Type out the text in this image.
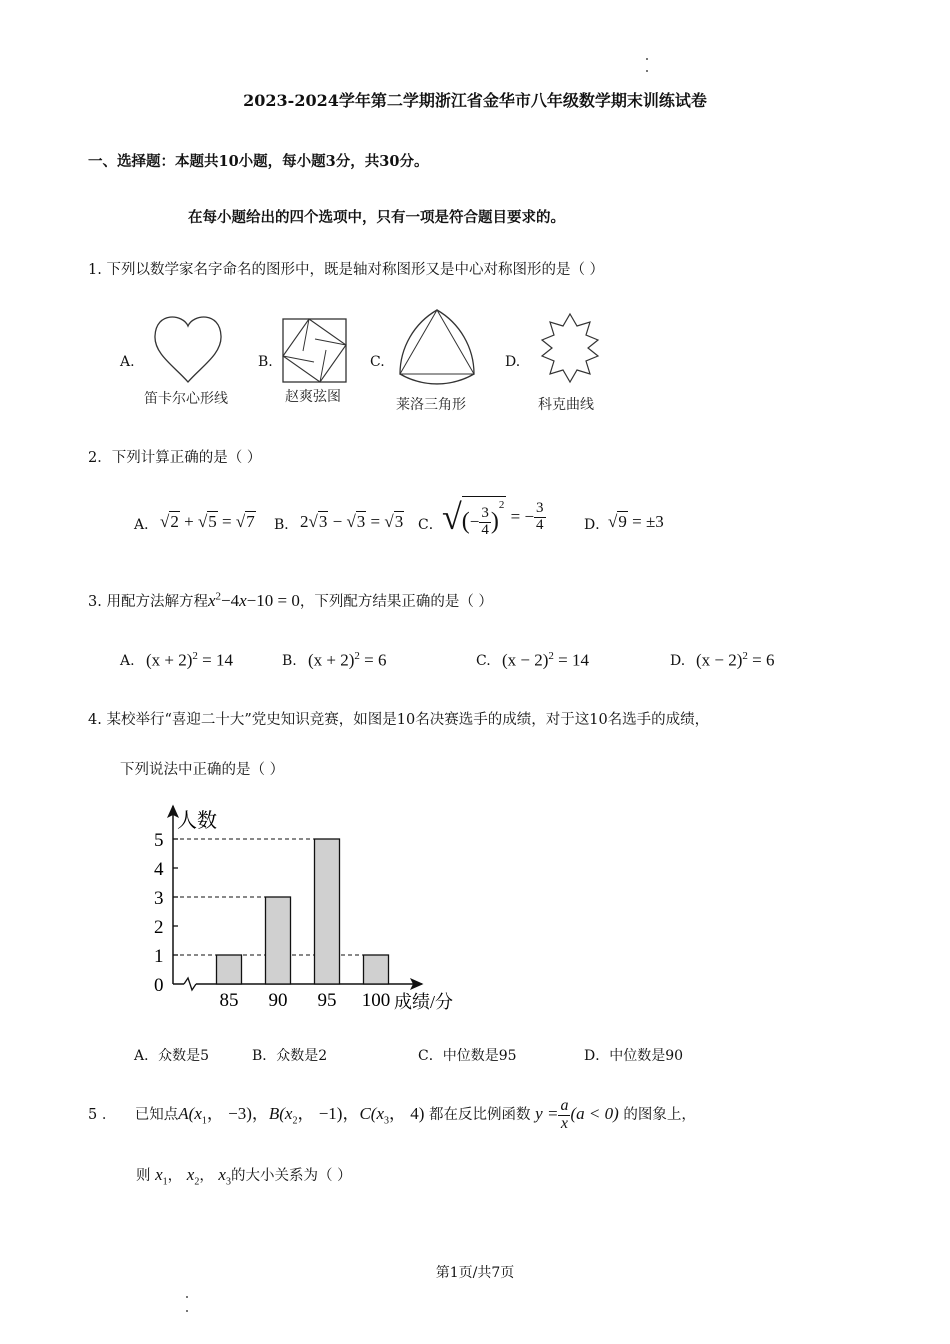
2023-2024学年第二学期浙江省金华市八年级数学期末训练试卷
一、选择题：本题共10小题，每小题3分，共30分。
在每小题给出的四个选项中，只有一项是符合题目要求的。
1. 下列以数学家名字命名的图形中，既是轴对称图形又是中心对称图形的是（ ）
A.
笛卡尔心形线
B.
赵爽弦图
C.
莱洛三角形
D.
科克曲线
2．下列计算正确的是（ ）
A． √2 + √5 = √7 B． 2√3 − √3 = √3 C． √(− $\frac{3}{4} )^2$ = − $\frac{3}{4}$	D．
√9 = ±3
3. 用配方法解方程$x^2-4x-10 = 0$，下列配方结果正确的是（ ）
A. $(x + 2)^2 = 14$	B. $(x + 2)^2 = 6$	C. $(x - 2)^2 = 14$	D. $(x - 2)^2 = 6$
4. 某校举行“喜迎二十大”党史知识竞赛，如图是10名决赛选手的成绩，对于这10名选手的成绩，
下列说法中正确的是（ ）
人数
成绩/分
0
1
2
3
4
5
85 90 95 100
A．众数是5	B．众数是2	C．中位数是95	D．中位数是90
5 ． 已知点$A(x_1$， −3)，$B(x_2$， −1)，$C(x_3$， 4) 都在反比例函数 $y = \frac{a}{x} (a < 0)$ 的图象上，
则 $x_1$， $x_2$， $x_3$的大小关系为（ ）
第1页/共7页
